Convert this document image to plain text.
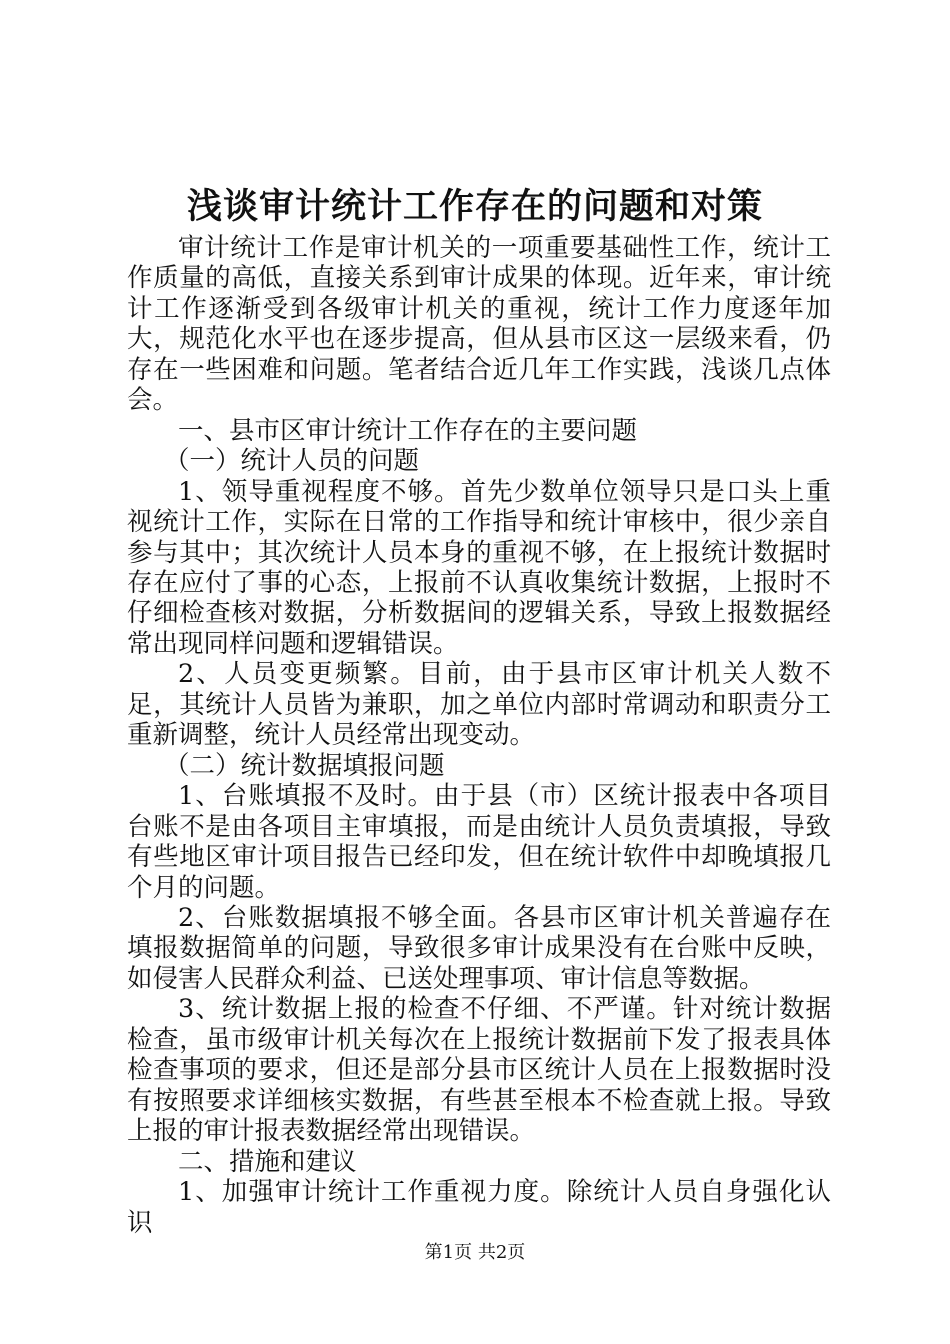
浅谈审计统计工作存在的问题和对策

审计统计工作是审计机关的一项重要基础性工作，统计工作质量的高低，直接关系到审计成果的体现。近年来，审计统计工作逐渐受到各级审计机关的重视，统计工作力度逐年加大，规范化水平也在逐步提高，但从县市区这一层级来看，仍存在一些困难和问题。笔者结合近几年工作实践，浅谈几点体会。

一、县市区审计统计工作存在的主要问题

（一）统计人员的问题

1、领导重视程度不够。首先少数单位领导只是口头上重视统计工作，实际在日常的工作指导和统计审核中，很少亲自参与其中；其次统计人员本身的重视不够，在上报统计数据时存在应付了事的心态，上报前不认真收集统计数据，上报时不仔细检查核对数据，分析数据间的逻辑关系，导致上报数据经常出现同样问题和逻辑错误。

2、人员变更频繁。目前，由于县市区审计机关人数不足，其统计人员皆为兼职，加之单位内部时常调动和职责分工重新调整，统计人员经常出现变动。

（二）统计数据填报问题

1、台账填报不及时。由于县（市）区统计报表中各项目台账不是由各项目主审填报，而是由统计人员负责填报，导致有些地区审计项目报告已经印发，但在统计软件中却晚填报几个月的问题。

2、台账数据填报不够全面。各县市区审计机关普遍存在填报数据简单的问题，导致很多审计成果没有在台账中反映，如侵害人民群众利益、已送处理事项、审计信息等数据。

3、统计数据上报的检查不仔细、不严谨。针对统计数据检查，虽市级审计机关每次在上报统计数据前下发了报表具体检查事项的要求，但还是部分县市区统计人员在上报数据时没有按照要求详细核实数据，有些甚至根本不检查就上报。导致上报的审计报表数据经常出现错误。

二、措施和建议

1、加强审计统计工作重视力度。除统计人员自身强化认识

第1页 共2页
